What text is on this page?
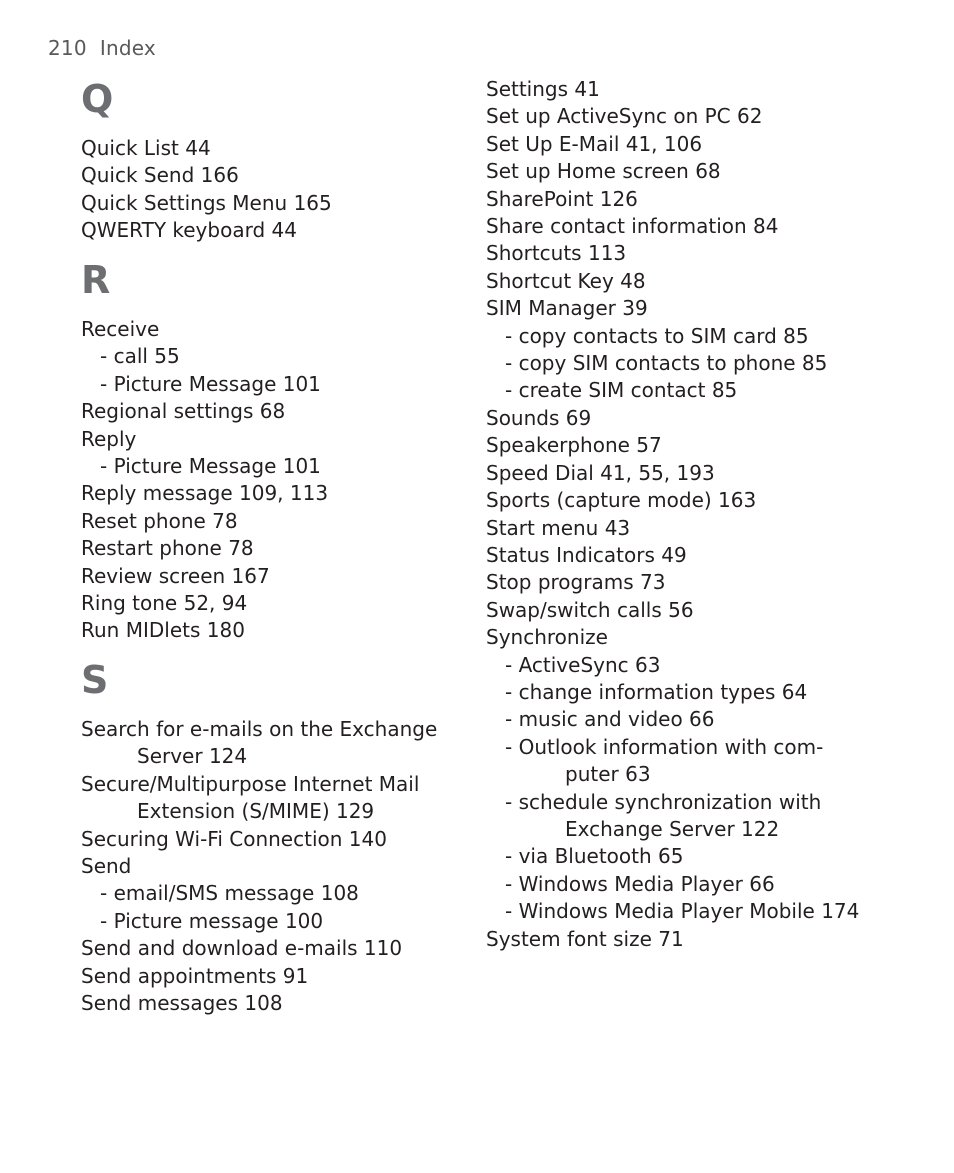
210 Index
Q
Quick List 44
Quick Send 166
Quick Settings Menu 165
QWERTY keyboard 44
R
Receive
- call 55
- Picture Message 101
Regional settings 68
Reply
- Picture Message 101
Reply message 109, 113
Reset phone 78
Restart phone 78
Review screen 167
Ring tone 52, 94
Run MIDlets 180
S
Search for e-mails on the Exchange
Server 124
Secure/Multipurpose Internet Mail
Extension (S/MIME) 129
Securing Wi-Fi Connection 140
Send
- email/SMS message 108
- Picture message 100
Send and download e-mails 110
Send appointments 91
Send messages 108
Settings 41
Set up ActiveSync on PC 62
Set Up E-Mail 41, 106
Set up Home screen 68
SharePoint 126
Share contact information 84
Shortcuts 113
Shortcut Key 48
SIM Manager 39
- copy contacts to SIM card 85
- copy SIM contacts to phone 85
- create SIM contact 85
Sounds 69
Speakerphone 57
Speed Dial 41, 55, 193
Sports (capture mode) 163
Start menu 43
Status Indicators 49
Stop programs 73
Swap/switch calls 56
Synchronize
- ActiveSync 63
- change information types 64
- music and video 66
- Outlook information with com-
puter 63
- schedule synchronization with
Exchange Server 122
- via Bluetooth 65
- Windows Media Player 66
- Windows Media Player Mobile 174
System font size 71
